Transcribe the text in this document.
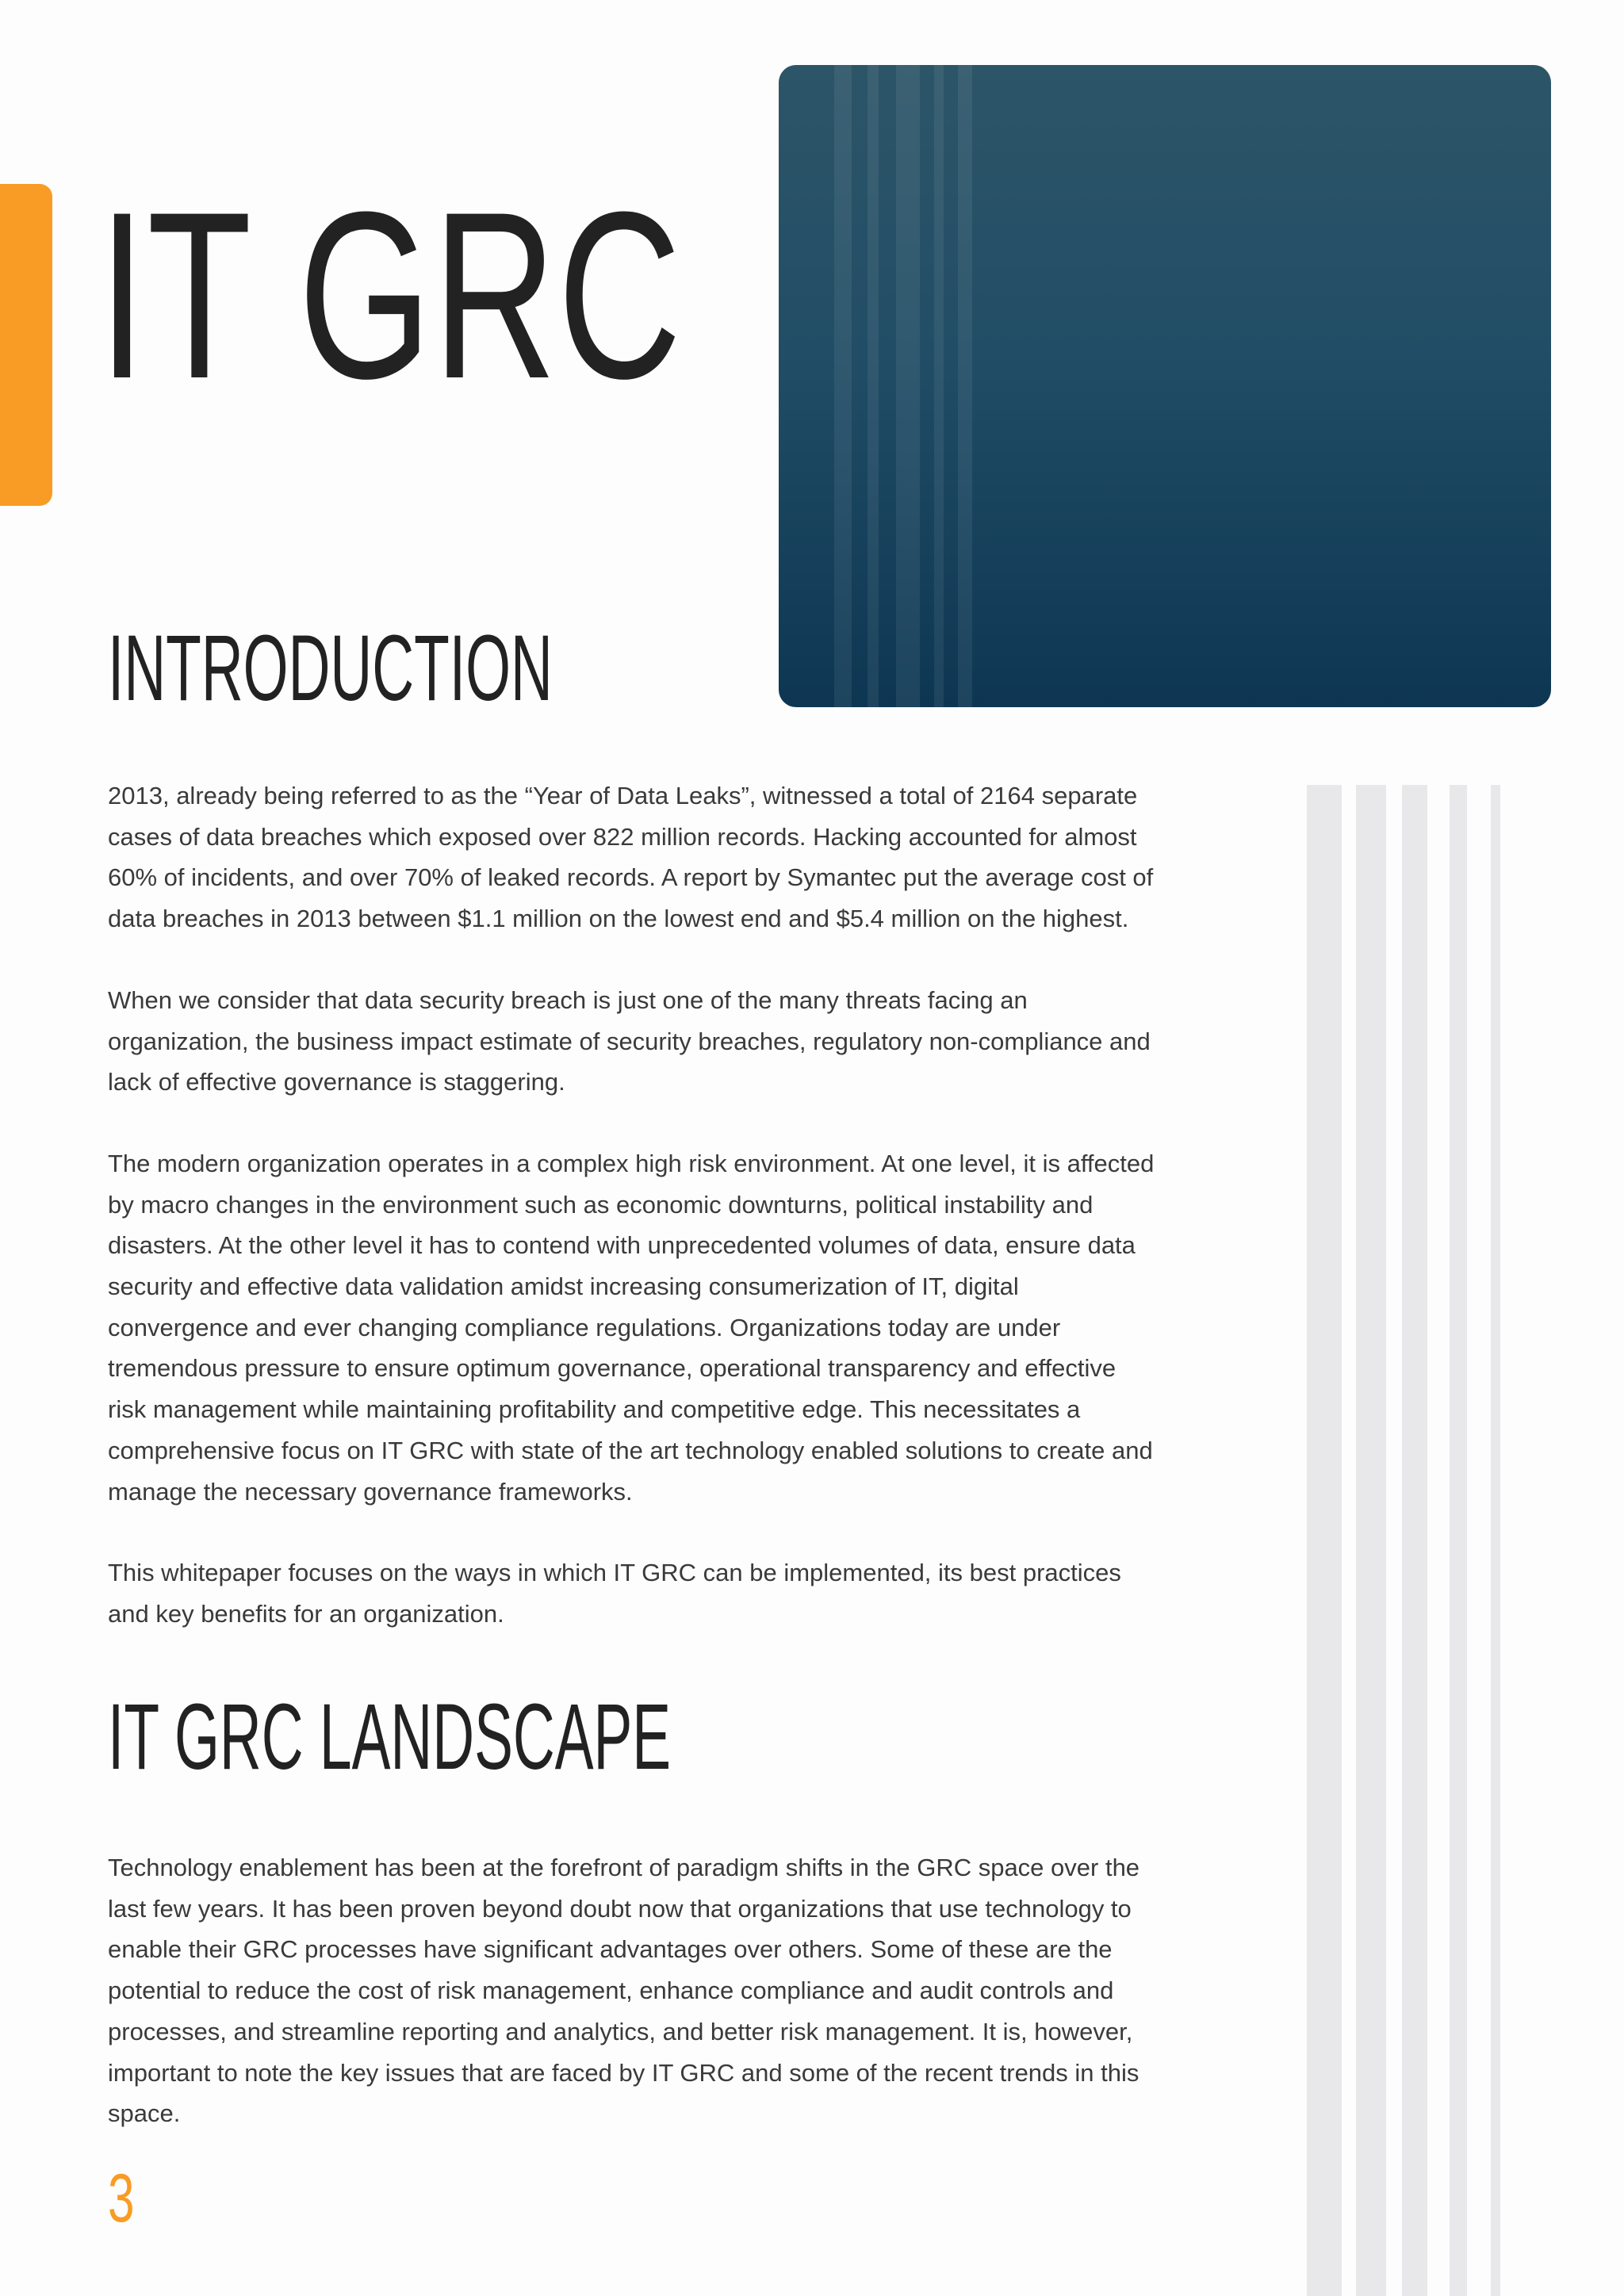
IT GRC
INTRODUCTION

2013, already being referred to as the “Year of Data Leaks”, witnessed a total of 2164 separate cases of data breaches which exposed over 822 million records. Hacking accounted for almost 60% of incidents, and over 70% of leaked records. A report by Symantec put the average cost of data breaches in 2013 between $1.1 million on the lowest end and $5.4 million on the highest.

When we consider that data security breach is just one of the many threats facing an organization, the business impact estimate of security breaches, regulatory non-compliance and lack of effective governance is staggering.

The modern organization operates in a complex high risk environment. At one level, it is affected by macro changes in the environment such as economic downturns, political instability and disasters. At the other level it has to contend with unprecedented volumes of data, ensure data security and effective data validation amidst increasing consumerization of IT, digital convergence and ever changing compliance regulations. Organizations today are under tremendous pressure to ensure optimum governance, operational transparency and effective risk management while maintaining profitability and competitive edge. This necessitates a comprehensive focus on IT GRC with state of the art technology enabled solutions to create and manage the necessary governance frameworks.

This whitepaper focuses on the ways in which IT GRC can be implemented, its best practices and key benefits for an organization.

IT GRC LANDSCAPE

Technology enablement has been at the forefront of paradigm shifts in the GRC space over the last few years. It has been proven beyond doubt now that organizations that use technology to enable their GRC processes have significant advantages over others. Some of these are the potential to reduce the cost of risk management, enhance compliance and audit controls and processes, and streamline reporting and analytics, and better risk management. It is, however, important to note the key issues that are faced by IT GRC and some of the recent trends in this space.

3
